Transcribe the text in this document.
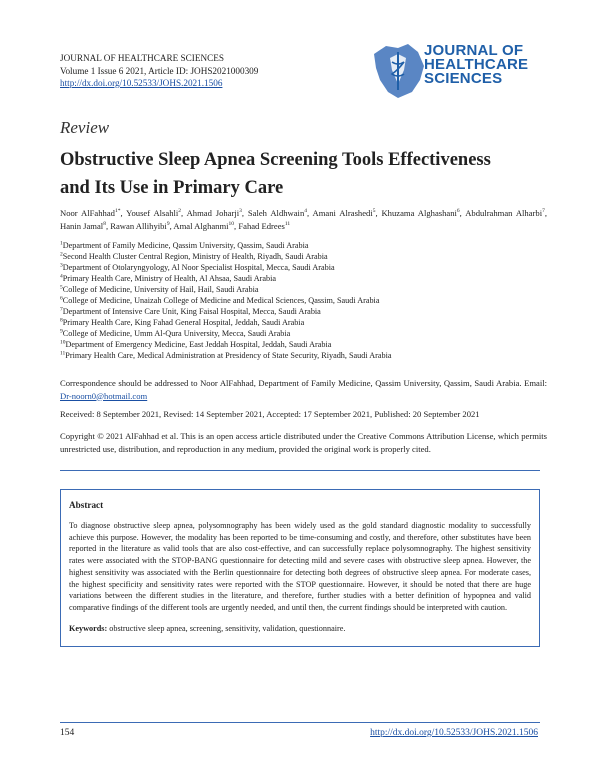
JOURNAL OF HEALTHCARE SCIENCES
Volume 1 Issue 6 2021, Article ID: JOHS2021000309
http://dx.doi.org/10.52533/JOHS.2021.1506
JOURNAL OF
HEALTHCARE
SCIENCES
Review
Obstructive Sleep Apnea Screening Tools Effectiveness
and Its Use in Primary Care
Noor AlFahhad$^{1*}$, Yousef Alsahli$^2$, Ahmad Joharji$^3$, Saleh Aldhwain$^4$, Amani Alrashedi$^5$, Khuzama Alghashani$^6$, Abdulrahman Alharbi$^7$, Hanin Jamal$^8$, Rawan Allihyibi$^9$, Amal Alghanmi$^{10}$, Fahad Edrees$^{11}$
$^1$Department of Family Medicine, Qassim University, Qassim, Saudi Arabia
$^2$Second Health Cluster Central Region, Ministry of Health, Riyadh, Saudi Arabia
$^3$Department of Otolaryngyology, Al Noor Specialist Hospital, Mecca, Saudi Arabia
$^4$Primary Health Care, Ministry of Health, Al Ahsaa, Saudi Arabia
$^5$College of Medicine, University of Hail, Hail, Saudi Arabia
$^6$College of Medicine, Unaizah College of Medicine and Medical Sciences, Qassim, Saudi Arabia
$^7$Department of Intensive Care Unit, King Faisal Hospital, Mecca, Saudi Arabia
$^8$Primary Health Care, King Fahad General Hospital, Jeddah, Saudi Arabia
$^9$College of Medicine, Umm Al-Qura University, Mecca, Saudi Arabia
$^{10}$Department of Emergency Medicine, East Jeddah Hospital, Jeddah, Saudi Arabia
$^{11}$Primary Health Care, Medical Administration at Presidency of State Security, Riyadh, Saudi Arabia
Correspondence should be addressed to Noor AlFahhad, Department of Family Medicine, Qassim University, Qassim, Saudi Arabia. Email: Dr-noorn0@hotmail.com
Received: 8 September 2021, Revised: 14 September 2021, Accepted: 17 September 2021, Published: 20 September 2021
Copyright © 2021 AlFahhad et al. This is an open access article distributed under the Creative Commons Attribution License, which permits unrestricted use, distribution, and reproduction in any medium, provided the original work is properly cited.
Abstract
To diagnose obstructive sleep apnea, polysomnography has been widely used as the gold standard diagnostic modality to successfully achieve this purpose. However, the modality has been reported to be time-consuming and costly, and therefore, other substitutes have been reported in the literature as valid tools that are also cost-effective, and can successfully replace polysomnography. The highest sensitivity rates were associated with the STOP-BANG questionnaire for detecting mild and severe cases with obstructive sleep apnea. However, the highest sensitivity was associated with the Berlin questionnaire for detecting both degrees of obstructive sleep apnea. For moderate cases, the highest specificity and sensitivity rates were reported with the STOP questionnaire. However, it should be noted that there are huge variations between the different studies in the literature, and therefore, further studies with a better definition of hypopnea and valid comparative findings of the different tools are urgently needed, and until then, the current findings should be interpreted with caution.
Keywords: obstructive sleep apnea, screening, sensitivity, validation, questionnaire.
154	http://dx.doi.org/10.52533/JOHS.2021.1506
